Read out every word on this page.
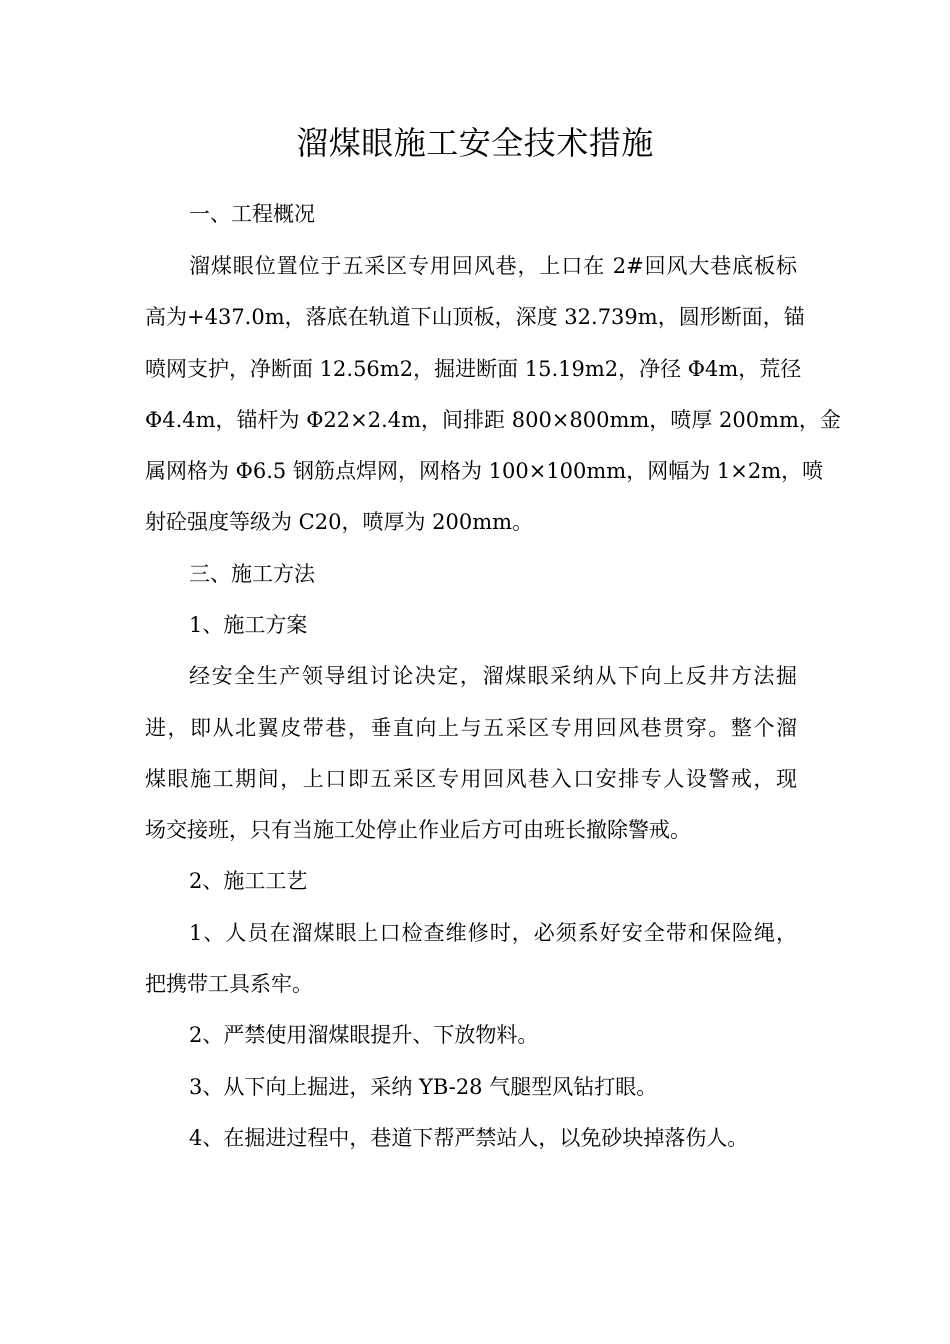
溜煤眼施工安全技术措施
一、工程概况
溜煤眼位置位于五采区专用回风巷，上口在 2#回风大巷底板标
高为+437.0m，落底在轨道下山顶板，深度 32.739m，圆形断面，锚
喷网支护，净断面 12.56m2，掘进断面 15.19m2，净径 Φ4m，荒径
Φ4.4m，锚杆为 Φ22×2.4m，间排距 800×800mm，喷厚 200mm，金
属网格为 Φ6.5 钢筋点焊网，网格为 100×100mm，网幅为 1×2m，喷
射砼强度等级为 C20，喷厚为 200mm。
三、施工方法
1、施工方案
经安全生产领导组讨论决定，溜煤眼采纳从下向上反井方法掘
进，即从北翼皮带巷，垂直向上与五采区专用回风巷贯穿。整个溜
煤眼施工期间，上口即五采区专用回风巷入口安排专人设警戒，现
场交接班，只有当施工处停止作业后方可由班长撤除警戒。
2、施工工艺
1、人员在溜煤眼上口检查维修时，必须系好安全带和保险绳，
把携带工具系牢。
2、严禁使用溜煤眼提升、下放物料。
3、从下向上掘进，采纳 YB-28 气腿型风钻打眼。
4、在掘进过程中，巷道下帮严禁站人，以免砂块掉落伤人。
